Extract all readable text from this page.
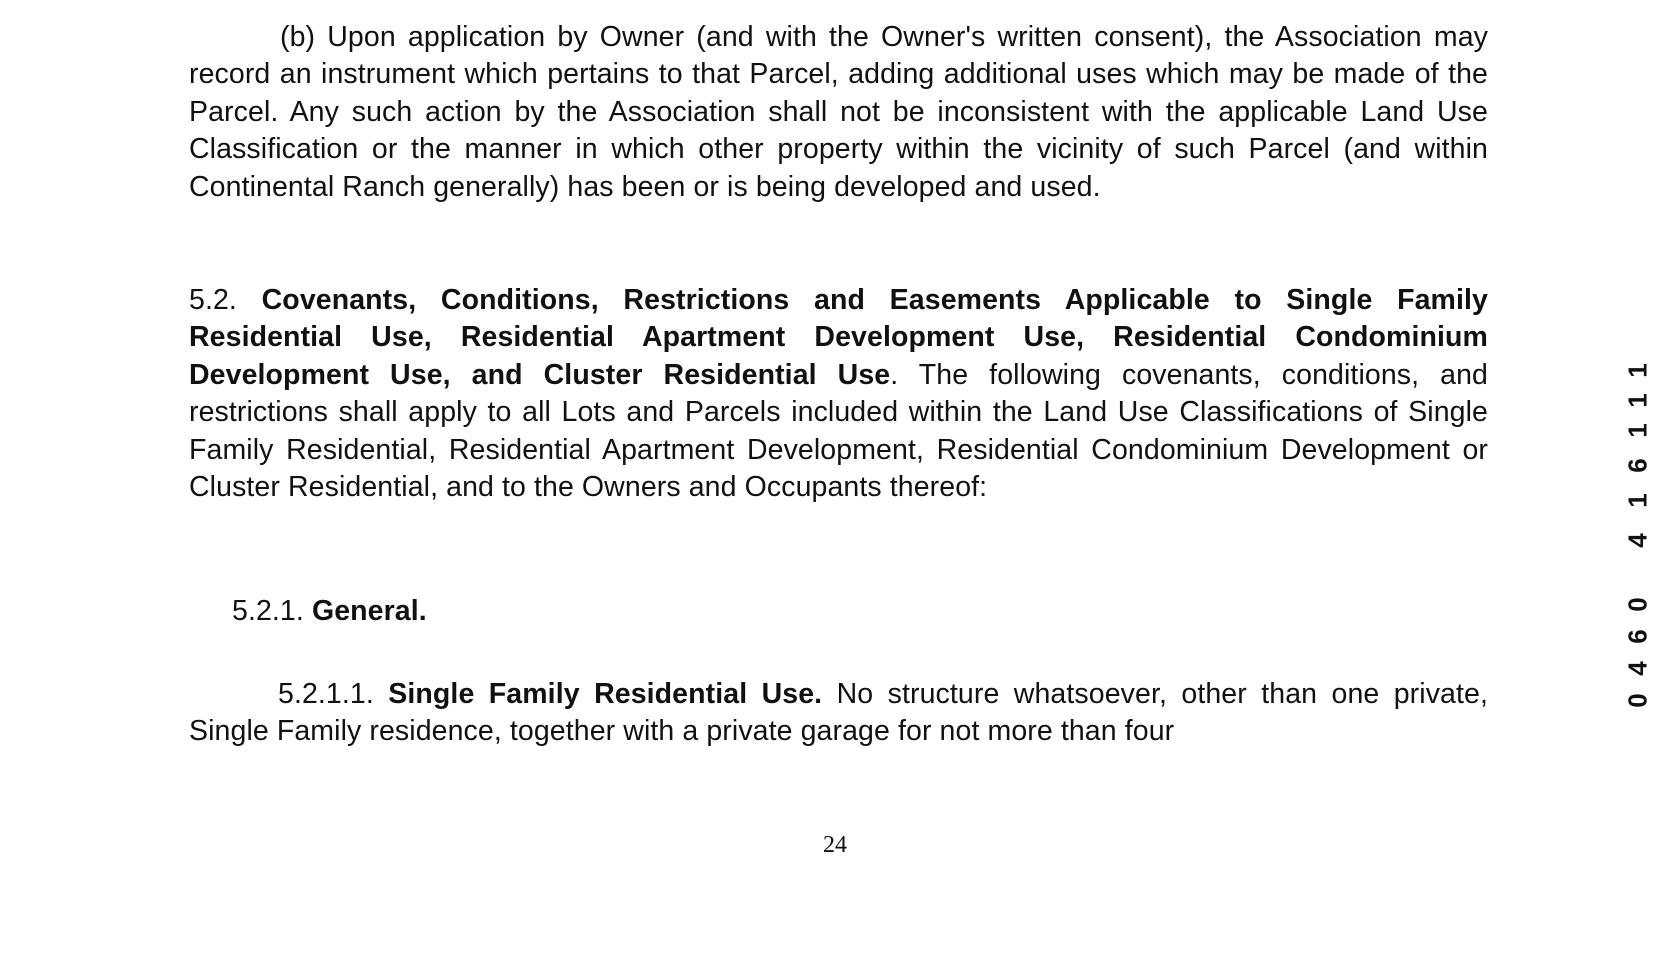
(b) Upon application by Owner (and with the Owner's written consent), the Association may record an instrument which pertains to that Parcel, adding additional uses which may be made of the Parcel. Any such action by the Association shall not be inconsistent with the applicable Land Use Classification or the manner in which other property within the vicinity of such Parcel (and within Continental Ranch generally) has been or is being developed and used.

5.2. Covenants, Conditions, Restrictions and Easements Applicable to Single Family Residential Use, Residential Apartment Development Use, Residential Condominium Development Use, and Cluster Residential Use. The following covenants, conditions, and restrictions shall apply to all Lots and Parcels included within the Land Use Classifications of Single Family Residential, Residential Apartment Development, Residential Condominium Development or Cluster Residential, and to the Owners and Occupants thereof:

5.2.1. General.

5.2.1.1. Single Family Residential Use. No structure whatsoever, other than one private, Single Family residence, together with a private garage for not more than four

24
0
4
6
0
4
1
6
1
1
1
